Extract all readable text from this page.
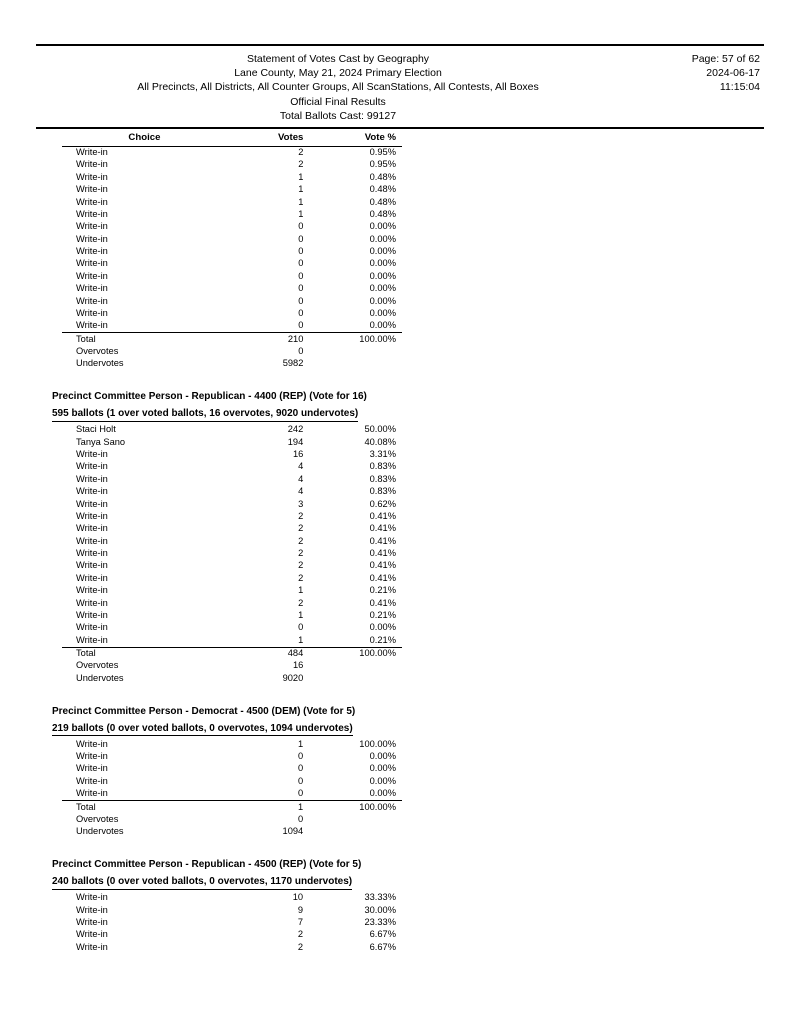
Statement of Votes Cast by Geography
Lane County, May 21, 2024 Primary Election
All Precincts, All Districts, All Counter Groups, All ScanStations, All Contests, All Boxes
Official Final Results
Total Ballots Cast: 99127
Page: 57 of 62
2024-06-17
11:15:04
Choice	Votes	Vote %
Write-in	2	0.95%
Write-in	2	0.95%
Write-in	1	0.48%
Write-in	1	0.48%
Write-in	1	0.48%
Write-in	1	0.48%
Write-in	0	0.00%
Write-in	0	0.00%
Write-in	0	0.00%
Write-in	0	0.00%
Write-in	0	0.00%
Write-in	0	0.00%
Write-in	0	0.00%
Write-in	0	0.00%
Write-in	0	0.00%
Total	210	100.00%
Overvotes	0	
Undervotes	5982	
Precinct Committee Person - Republican - 4400 (REP) (Vote for 16)
595 ballots (1 over voted ballots, 16 overvotes, 9020 undervotes)
Staci Holt	242	50.00%
Tanya Sano	194	40.08%
Write-in	16	3.31%
Write-in	4	0.83%
Write-in	4	0.83%
Write-in	4	0.83%
Write-in	3	0.62%
Write-in	2	0.41%
Write-in	2	0.41%
Write-in	2	0.41%
Write-in	2	0.41%
Write-in	2	0.41%
Write-in	2	0.41%
Write-in	1	0.21%
Write-in	2	0.41%
Write-in	1	0.21%
Write-in	0	0.00%
Write-in	1	0.21%
Total	484	100.00%
Overvotes	16	
Undervotes	9020	
Precinct Committee Person - Democrat - 4500 (DEM) (Vote for 5)
219 ballots (0 over voted ballots, 0 overvotes, 1094 undervotes)
Write-in	1	100.00%
Write-in	0	0.00%
Write-in	0	0.00%
Write-in	0	0.00%
Write-in	0	0.00%
Total	1	100.00%
Overvotes	0	
Undervotes	1094	
Precinct Committee Person - Republican - 4500 (REP) (Vote for 5)
240 ballots (0 over voted ballots, 0 overvotes, 1170 undervotes)
Write-in	10	33.33%
Write-in	9	30.00%
Write-in	7	23.33%
Write-in	2	6.67%
Write-in	2	6.67%
